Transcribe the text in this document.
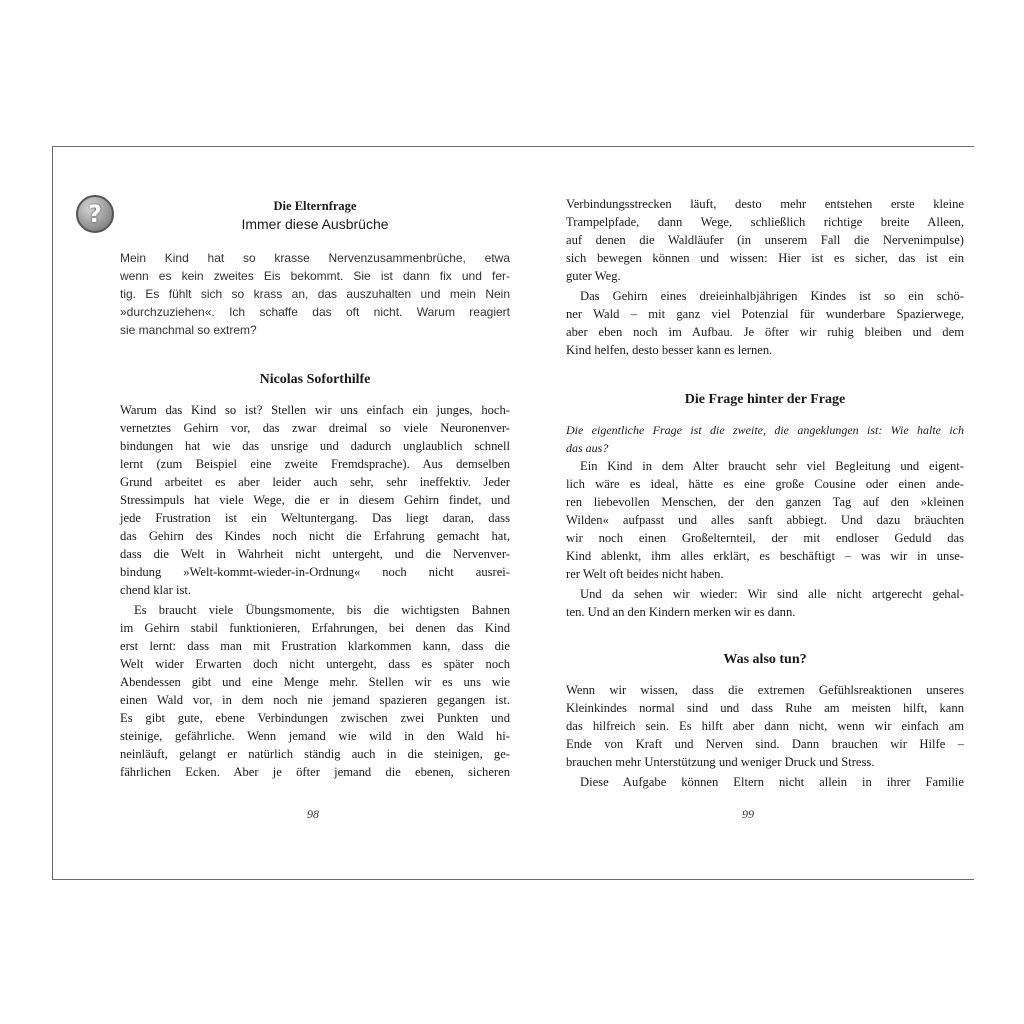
?	Die Elternfrage
Immer diese Ausbrüche
Mein Kind hat so krasse Nervenzusammenbrüche, etwa
wenn es kein zweites Eis bekommt. Sie ist dann fix und fer-
tig. Es fühlt sich so krass an, das auszuhalten und mein Nein
»durchzuziehen«. Ich schaffe das oft nicht. Warum reagiert
sie manchmal so extrem?
Nicolas Soforthilfe
Warum das Kind so ist? Stellen wir uns einfach ein junges, hoch-
vernetztes Gehirn vor, das zwar dreimal so viele Neuronenver-
bindungen hat wie das unsrige und dadurch unglaublich schnell
lernt (zum Beispiel eine zweite Fremdsprache). Aus demselben
Grund arbeitet es aber leider auch sehr, sehr ineffektiv. Jeder
Stressimpuls hat viele Wege, die er in diesem Gehirn findet, und
jede Frustration ist ein Weltuntergang. Das liegt daran, dass
das Gehirn des Kindes noch nicht die Erfahrung gemacht hat,
dass die Welt in Wahrheit nicht untergeht, und die Nervenver-
bindung »Welt-kommt-wieder-in-Ordnung« noch nicht ausrei-
chend klar ist.
Es braucht viele Übungsmomente, bis die wichtigsten Bahnen
im Gehirn stabil funktionieren, Erfahrungen, bei denen das Kind
erst lernt: dass man mit Frustration klarkommen kann, dass die
Welt wider Erwarten doch nicht untergeht, dass es später noch
Abendessen gibt und eine Menge mehr. Stellen wir es uns wie
einen Wald vor, in dem noch nie jemand spazieren gegangen ist.
Es gibt gute, ebene Verbindungen zwischen zwei Punkten und
steinige, gefährliche. Wenn jemand wie wild in den Wald hi-
neinläuft, gelangt er natürlich ständig auch in die steinigen, ge-
fährlichen Ecken. Aber je öfter jemand die ebenen, sicheren
98
Verbindungsstrecken läuft, desto mehr entstehen erste kleine
Trampelpfade, dann Wege, schließlich richtige breite Alleen,
auf denen die Waldläufer (in unserem Fall die Nervenimpulse)
sich bewegen können und wissen: Hier ist es sicher, das ist ein
guter Weg.
Das Gehirn eines dreieinhalbjährigen Kindes ist so ein schö-
ner Wald – mit ganz viel Potenzial für wunderbare Spazierwege,
aber eben noch im Aufbau. Je öfter wir ruhig bleiben und dem
Kind helfen, desto besser kann es lernen.
Die Frage hinter der Frage
Die eigentliche Frage ist die zweite, die angeklungen ist: Wie halte ich
das aus?
Ein Kind in dem Alter braucht sehr viel Begleitung und eigent-
lich wäre es ideal, hätte es eine große Cousine oder einen ande-
ren liebevollen Menschen, der den ganzen Tag auf den »kleinen
Wilden« aufpasst und alles sanft abbiegt. Und dazu bräuchten
wir noch einen Großelternteil, der mit endloser Geduld das
Kind ablenkt, ihm alles erklärt, es beschäftigt – was wir in unse-
rer Welt oft beides nicht haben.
Und da sehen wir wieder: Wir sind alle nicht artgerecht gehal-
ten. Und an den Kindern merken wir es dann.
Was also tun?
Wenn wir wissen, dass die extremen Gefühlsreaktionen unseres
Kleinkindes normal sind und dass Ruhe am meisten hilft, kann
das hilfreich sein. Es hilft aber dann nicht, wenn wir einfach am
Ende von Kraft und Nerven sind. Dann brauchen wir Hilfe –
brauchen mehr Unterstützung und weniger Druck und Stress.
Diese Aufgabe können Eltern nicht allein in ihrer Familie
99
